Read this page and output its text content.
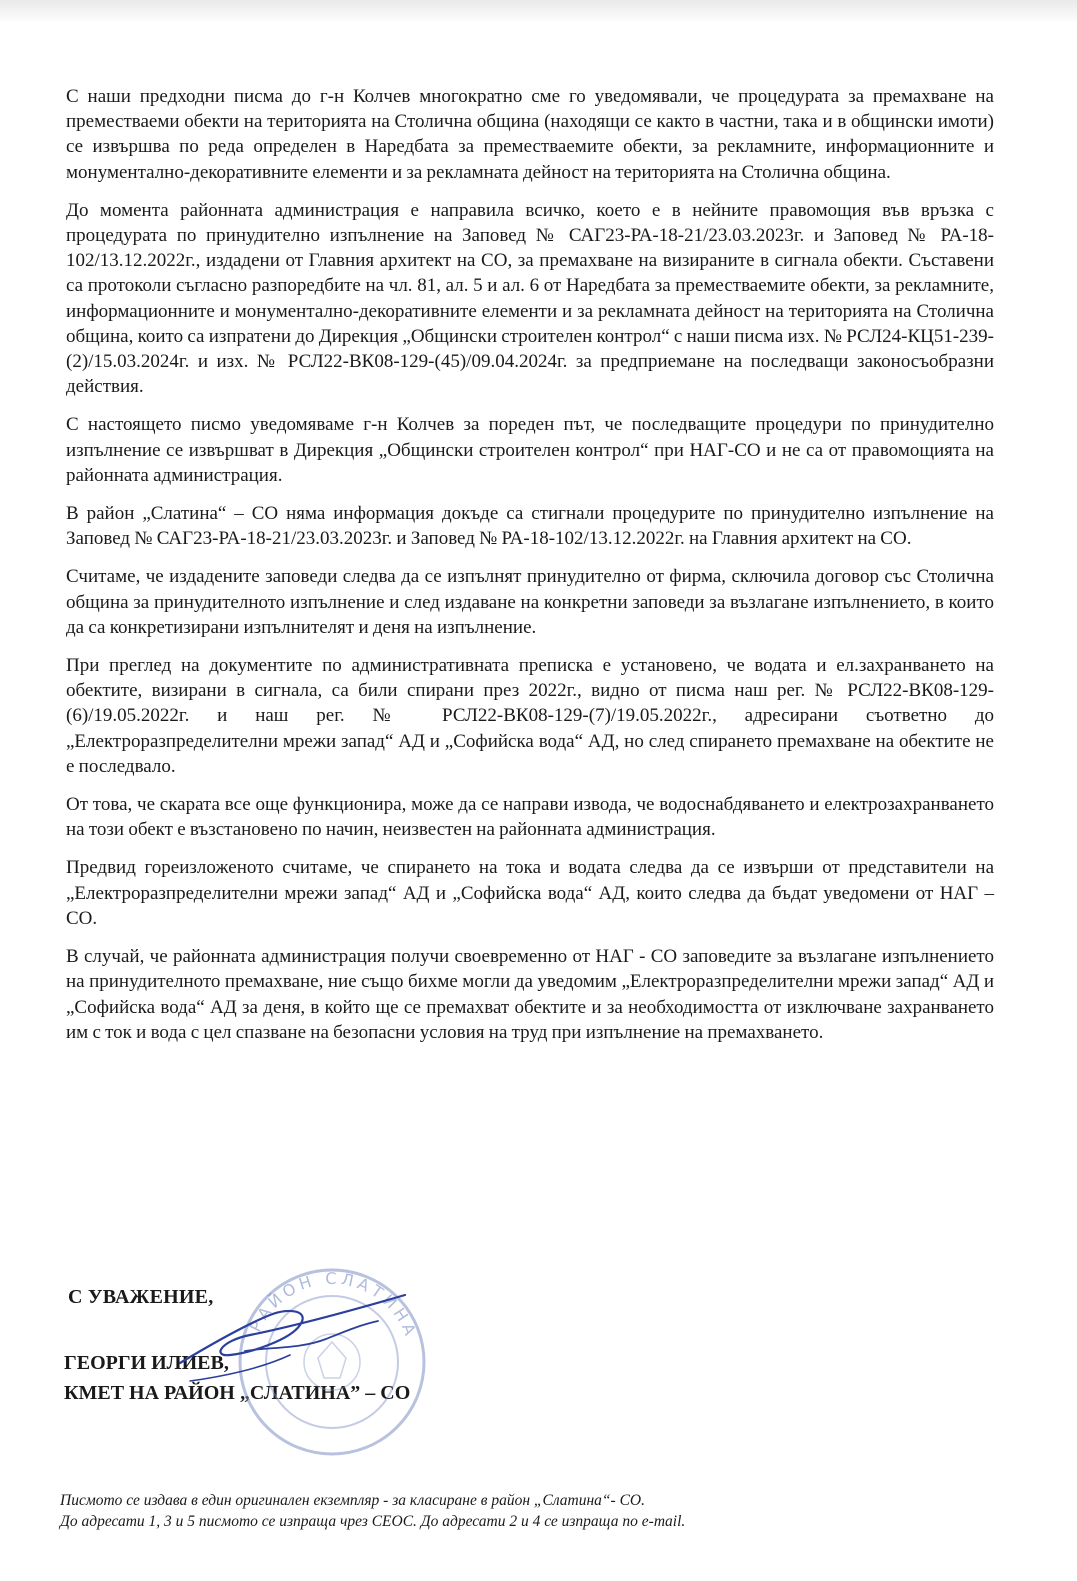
С наши предходни писма до г-н Колчев многократно сме го уведомявали, че процедурата за премахване на преместваеми обекти на територията на Столична община (находящи се както в частни, така и в общински имоти) се извършва по реда определен в Наредбата за преместваемите обекти, за рекламните, информационните и монументално-декоративните елементи и за рекламната дейност на територията на Столична община.

До момента районната администрация е направила всичко, което е в нейните правомощия във връзка с процедурата по принудително изпълнение на Заповед № САГ23-РА-18-21/23.03.2023г. и Заповед № РА-18-102/13.12.2022г., издадени от Главния архитект на СО, за премахване на визираните в сигнала обекти. Съставени са протоколи съгласно разпоредбите на чл. 81, ал. 5 и ал. 6 от Наредбата за преместваемите обекти, за рекламните, информационните и монументално-декоративните елементи и за рекламната дейност на територията на Столична община, които са изпратени до Дирекция „Общински строителен контрол“ с наши писма изх. № РСЛ24-КЦ51-239-(2)/15.03.2024г. и изх. № РСЛ22-ВК08-129-(45)/09.04.2024г. за предприемане на последващи законосъобразни действия.

С настоящето писмо уведомяваме г-н Колчев за пореден път, че последващите процедури по принудително изпълнение се извършват в Дирекция „Общински строителен контрол“ при НАГ-СО и не са от правомощията на районната администрация.

В район „Слатина“ – СО няма информация докъде са стигнали процедурите по принудително изпълнение на Заповед № САГ23-РА-18-21/23.03.2023г. и Заповед № РА-18-102/13.12.2022г. на Главния архитект на СО.

Считаме, че издадените заповеди следва да се изпълнят принудително от фирма, сключила договор със Столична община за принудителното изпълнение и след издаване на конкретни заповеди за възлагане изпълнението, в които да са конкретизирани изпълнителят и деня на изпълнение.

При преглед на документите по административната преписка е установено, че водата и ел.захранването на обектите, визирани в сигнала, са били спирани през 2022г., видно от писма наш рег. № РСЛ22-ВК08-129-(6)/19.05.2022г. и наш рег. № РСЛ22-ВК08-129-(7)/19.05.2022г., адресирани съответно до „Електроразпределителни мрежи запад“ АД и „Софийска вода“ АД, но след спирането премахване на обектите не е последвало.

От това, че скарата все още функционира, може да се направи извода, че водоснабдяването и електрозахранването на този обект е възстановено по начин, неизвестен на районната администрация.

Предвид гореизложеното считаме, че спирането на тока и водата следва да се извърши от представители на „Електроразпределителни мрежи запад“ АД и „Софийска вода“ АД, които следва да бъдат уведомени от НАГ – СО.

В случай, че районната администрация получи своевременно от НАГ - СО заповедите за възлагане изпълнението на принудителното премахване, ние също бихме могли да уведомим „Електроразпределителни мрежи запад“ АД и „Софийска вода“ АД за деня, в който ще се премахват обектите и за необходимостта от изключване захранването им с ток и вода с цел спазване на безопасни условия на труд при изпълнение на премахването.

С УВАЖЕНИЕ,

ГЕОРГИ ИЛИЕВ,

КМЕТ НА РАЙОН „СЛАТИНА” – СО

РАЙОН СЛАТИНА

Писмото се издава в един оригинален екземпляр - за класиране в район „Слатина“- СО.

До адресати 1, 3 и 5 писмото се изпраща чрез СЕОС. До адресати 2 и 4 се изпраща по e-mail.
